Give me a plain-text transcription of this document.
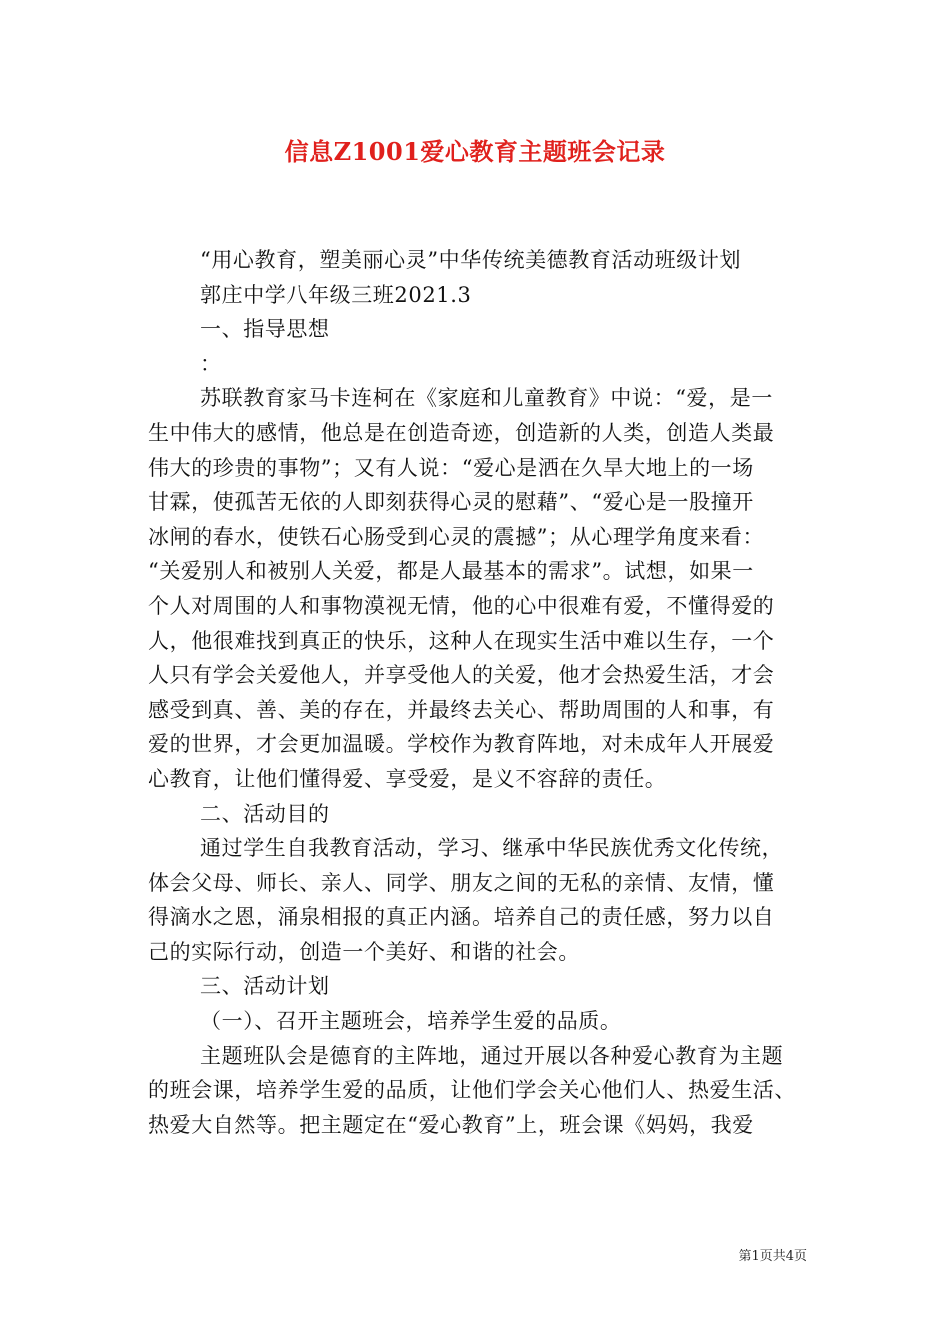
信息Z1001爱心教育主题班会记录
“用心教育，塑美丽心灵”中华传统美德教育活动班级计划
郭庄中学八年级三班2021.3
一、指导思想
：
苏联教育家马卡连柯在《家庭和儿童教育》中说：“爱，是一
生中伟大的感情，他总是在创造奇迹，创造新的人类，创造人类最
伟大的珍贵的事物”；又有人说：“爱心是洒在久旱大地上的一场
甘霖，使孤苦无依的人即刻获得心灵的慰藉”、“爱心是一股撞开
冰闸的春水，使铁石心肠受到心灵的震撼”；从心理学角度来看：
“关爱别人和被别人关爱，都是人最基本的需求”。试想，如果一
个人对周围的人和事物漠视无情，他的心中很难有爱，不懂得爱的
人，他很难找到真正的快乐，这种人在现实生活中难以生存，一个
人只有学会关爱他人，并享受他人的关爱，他才会热爱生活，才会
感受到真、善、美的存在，并最终去关心、帮助周围的人和事，有
爱的世界，才会更加温暖。学校作为教育阵地，对未成年人开展爱
心教育，让他们懂得爱、享受爱，是义不容辞的责任。
二、活动目的
通过学生自我教育活动，学习、继承中华民族优秀文化传统，
体会父母、师长、亲人、同学、朋友之间的无私的亲情、友情，懂
得滴水之恩，涌泉相报的真正内涵。培养自己的责任感，努力以自
己的实际行动，创造一个美好、和谐的社会。
三、活动计划
（一）、召开主题班会，培养学生爱的品质。
主题班队会是德育的主阵地，通过开展以各种爱心教育为主题
的班会课，培养学生爱的品质，让他们学会关心他们人、热爱生活、
热爱大自然等。把主题定在“爱心教育”上，班会课《妈妈，我爱
第1页共4页
